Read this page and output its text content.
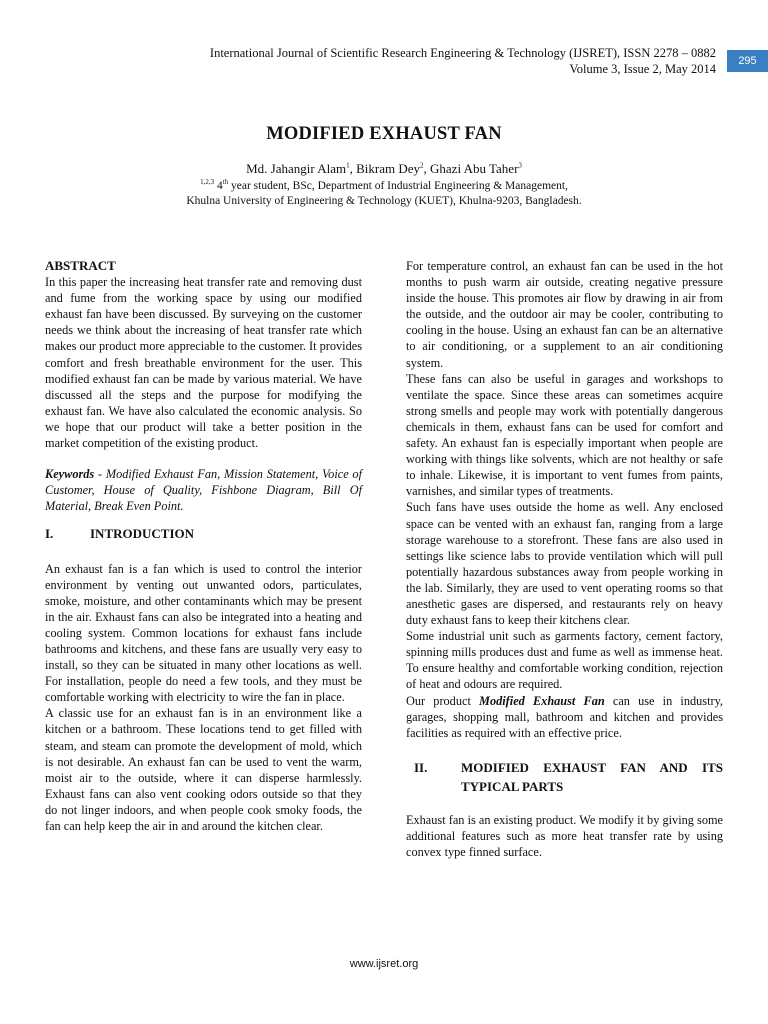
International Journal of Scientific Research Engineering & Technology (IJSRET), ISSN 2278 – 0882
Volume 3, Issue 2, May 2014
295
MODIFIED EXHAUST FAN
Md. Jahangir Alam$^1$, Bikram Dey$^2$, Ghazi Abu Taher$^3$
$^{1,2,3}$ 4th year student, BSc, Department of Industrial Engineering & Management,
Khulna University of Engineering & Technology (KUET), Khulna-9203, Bangladesh.

ABSTRACT

In this paper the increasing heat transfer rate and removing dust and fume from the working space by using our modified exhaust fan have been discussed. By surveying on the customer needs we think about the increasing of heat transfer rate which makes our product more appreciable to the customer. It provides comfort and fresh breathable environment for the user. This modified exhaust fan can be made by various material. We have discussed all the steps and the purpose for modifying the exhaust fan. We have also calculated the economic analysis. So we hope that our product will take a better position in the market competition of the existing product.

Keywords - Modified Exhaust Fan, Mission Statement, Voice of Customer, House of Quality, Fishbone Diagram, Bill Of Material, Break Even Point.

I.	INTRODUCTION

An exhaust fan is a fan which is used to control the interior environment by venting out unwanted odors, particulates, smoke, moisture, and other contaminants which may be present in the air. Exhaust fans can also be integrated into a heating and cooling system. Common locations for exhaust fans include bathrooms and kitchens, and these fans are usually very easy to install, so they can be situated in many other locations as well. For installation, people do need a few tools, and they must be comfortable working with electricity to wire the fan in place.

A classic use for an exhaust fan is in an environment like a kitchen or a bathroom. These locations tend to get filled with steam, and steam can promote the development of mold, which is not desirable. An exhaust fan can be used to vent the warm, moist air to the outside, where it can disperse harmlessly. Exhaust fans can also vent cooking odors outside so that they do not linger indoors, and when people cook smoky foods, the fan can help keep the air in and around the kitchen clear.

For temperature control, an exhaust fan can be used in the hot months to push warm air outside, creating negative pressure inside the house. This promotes air flow by drawing in air from the outside, and the outdoor air may be cooler, contributing to cooling in the house. Using an exhaust fan can be an alternative to air conditioning, or a supplement to an air conditioning system.

These fans can also be useful in garages and workshops to ventilate the space. Since these areas can sometimes acquire strong smells and people may work with potentially dangerous chemicals in them, exhaust fans can be used for comfort and safety. An exhaust fan is especially important when people are working with things like solvents, which are not healthy or safe to inhale. Likewise, it is important to vent fumes from paints, varnishes, and similar types of treatments.

Such fans have uses outside the home as well. Any enclosed space can be vented with an exhaust fan, ranging from a large storage warehouse to a storefront. These fans are also used in settings like science labs to provide ventilation which will pull potentially hazardous substances away from people working in the lab. Similarly, they are used to vent operating rooms so that anesthetic gases are dispersed, and restaurants rely on heavy duty exhaust fans to keep their kitchens clear.

Some industrial unit such as garments factory, cement factory, spinning mills produces dust and fume as well as immense heat. To ensure healthy and comfortable working condition, rejection of heat and odours are required.

Our product Modified Exhaust Fan can use in industry, garages, shopping mall, bathroom and kitchen and provides facilities as required with an effective price.

II.	MODIFIED EXHAUST FAN AND ITS TYPICAL PARTS

Exhaust fan is an existing product. We modify it by giving some additional features such as more heat transfer rate by using convex type finned surface.

www.ijsret.org
